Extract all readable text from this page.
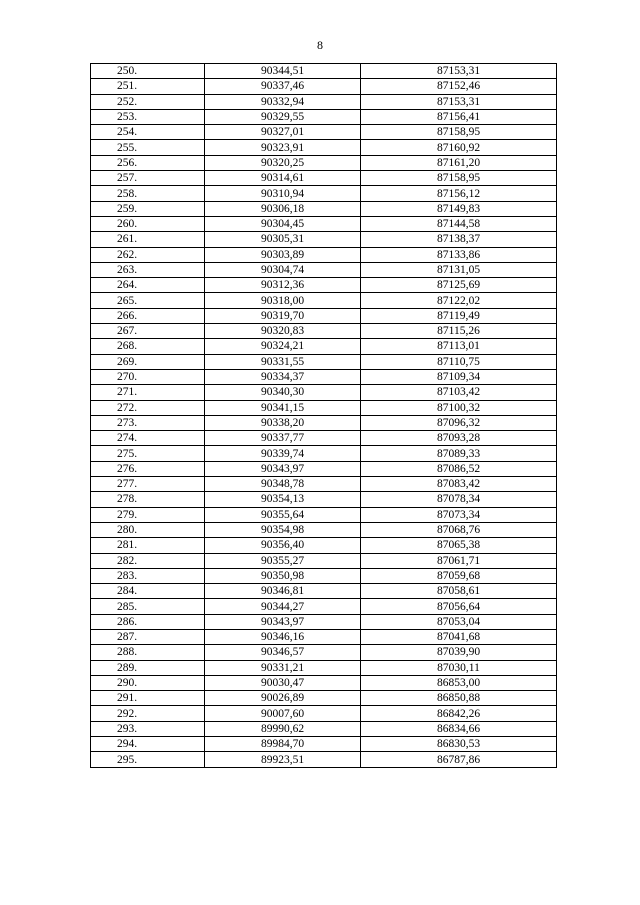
8
250.	90344,51	87153,31
251.	90337,46	87152,46
252.	90332,94	87153,31
253.	90329,55	87156,41
254.	90327,01	87158,95
255.	90323,91	87160,92
256.	90320,25	87161,20
257.	90314,61	87158,95
258.	90310,94	87156,12
259.	90306,18	87149,83
260.	90304,45	87144,58
261.	90305,31	87138,37
262.	90303,89	87133,86
263.	90304,74	87131,05
264.	90312,36	87125,69
265.	90318,00	87122,02
266.	90319,70	87119,49
267.	90320,83	87115,26
268.	90324,21	87113,01
269.	90331,55	87110,75
270.	90334,37	87109,34
271.	90340,30	87103,42
272.	90341,15	87100,32
273.	90338,20	87096,32
274.	90337,77	87093,28
275.	90339,74	87089,33
276.	90343,97	87086,52
277.	90348,78	87083,42
278.	90354,13	87078,34
279.	90355,64	87073,34
280.	90354,98	87068,76
281.	90356,40	87065,38
282.	90355,27	87061,71
283.	90350,98	87059,68
284.	90346,81	87058,61
285.	90344,27	87056,64
286.	90343,97	87053,04
287.	90346,16	87041,68
288.	90346,57	87039,90
289.	90331,21	87030,11
290.	90030,47	86853,00
291.	90026,89	86850,88
292.	90007,60	86842,26
293.	89990,62	86834,66
294.	89984,70	86830,53
295.	89923,51	86787,86
